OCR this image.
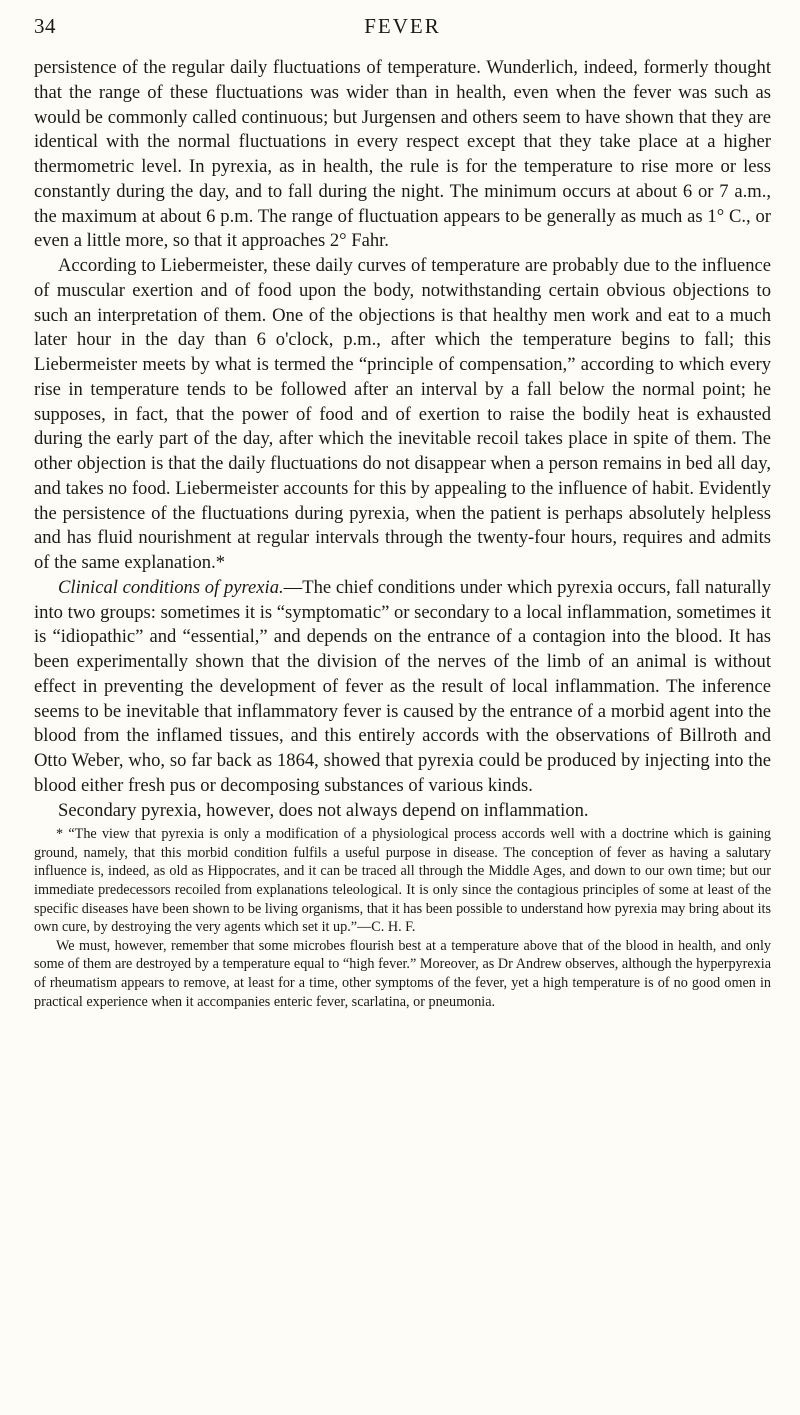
34	FEVER

persistence of the regular daily fluctuations of temperature. Wunderlich, indeed, formerly thought that the range of these fluctuations was wider than in health, even when the fever was such as would be commonly called continuous; but Jurgensen and others seem to have shown that they are identical with the normal fluctuations in every respect except that they take place at a higher thermometric level. In pyrexia, as in health, the rule is for the temperature to rise more or less constantly during the day, and to fall during the night. The minimum occurs at about 6 or 7 a.m., the maximum at about 6 p.m. The range of fluctuation appears to be generally as much as 1° C., or even a little more, so that it approaches 2° Fahr.

According to Liebermeister, these daily curves of temperature are probably due to the influence of muscular exertion and of food upon the body, notwithstanding certain obvious objections to such an interpretation of them. One of the objections is that healthy men work and eat to a much later hour in the day than 6 o'clock, p.m., after which the temperature begins to fall; this Liebermeister meets by what is termed the “principle of compensation,” according to which every rise in temperature tends to be followed after an interval by a fall below the normal point; he supposes, in fact, that the power of food and of exertion to raise the bodily heat is exhausted during the early part of the day, after which the inevitable recoil takes place in spite of them. The other objection is that the daily fluctuations do not disappear when a person remains in bed all day, and takes no food. Liebermeister accounts for this by appealing to the influence of habit. Evidently the persistence of the fluctuations during pyrexia, when the patient is perhaps absolutely helpless and has fluid nourishment at regular intervals through the twenty-four hours, requires and admits of the same explanation.*

Clinical conditions of pyrexia.—The chief conditions under which pyrexia occurs, fall naturally into two groups: sometimes it is “symptomatic” or secondary to a local inflammation, sometimes it is “idiopathic” and “essential,” and depends on the entrance of a contagion into the blood. It has been experimentally shown that the division of the nerves of the limb of an animal is without effect in preventing the development of fever as the result of local inflammation. The inference seems to be inevitable that inflammatory fever is caused by the entrance of a morbid agent into the blood from the inflamed tissues, and this entirely accords with the observations of Billroth and Otto Weber, who, so far back as 1864, showed that pyrexia could be produced by injecting into the blood either fresh pus or decomposing substances of various kinds.

Secondary pyrexia, however, does not always depend on inflammation.

* “The view that pyrexia is only a modification of a physiological process accords well with a doctrine which is gaining ground, namely, that this morbid condition fulfils a useful purpose in disease. The conception of fever as having a salutary influence is, indeed, as old as Hippocrates, and it can be traced all through the Middle Ages, and down to our own time; but our immediate predecessors recoiled from explanations teleological. It is only since the contagious principles of some at least of the specific diseases have been shown to be living organisms, that it has been possible to understand how pyrexia may bring about its own cure, by destroying the very agents which set it up.”—C. H. F.

We must, however, remember that some microbes flourish best at a temperature above that of the blood in health, and only some of them are destroyed by a temperature equal to “high fever.” Moreover, as Dr Andrew observes, although the hyperpyrexia of rheumatism appears to remove, at least for a time, other symptoms of the fever, yet a high temperature is of no good omen in practical experience when it accompanies enteric fever, scarlatina, or pneumonia.
